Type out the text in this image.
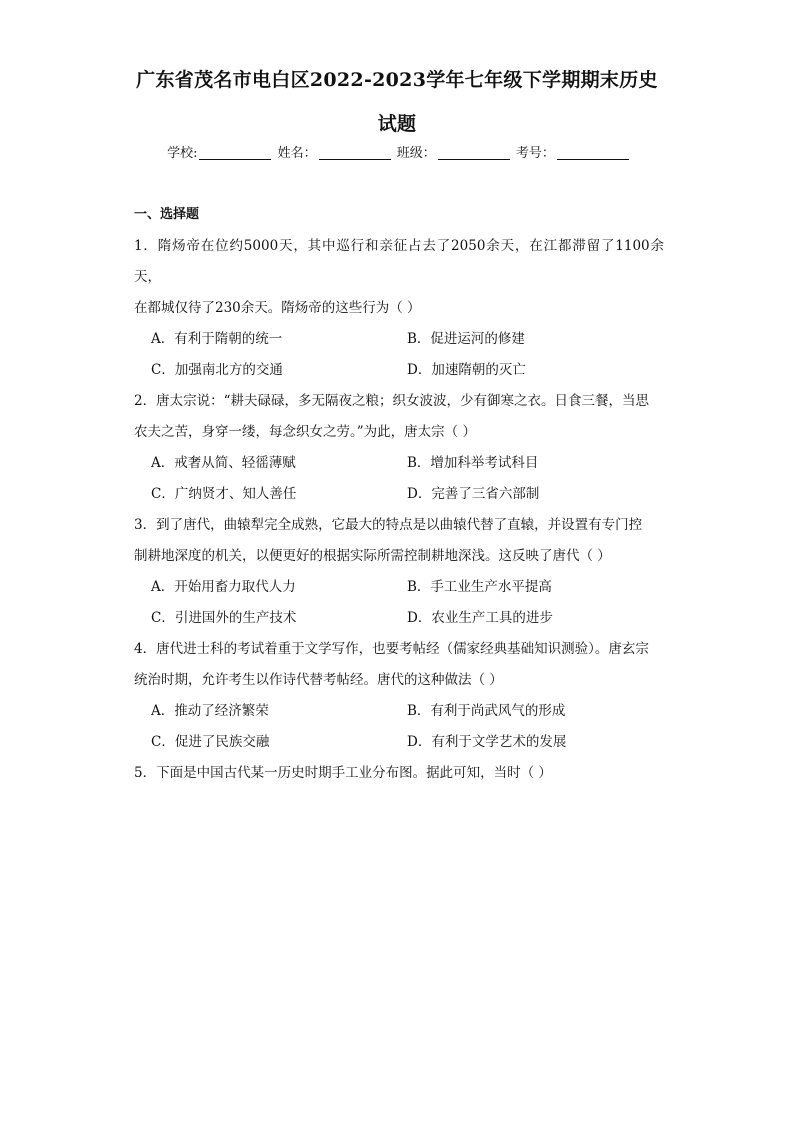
广东省茂名市电白区2022-2023学年七年级下学期期末历史
试题
学校:	姓名：	班级：	考号：
一、选择题
1．隋炀帝在位约5000天，其中巡行和亲征占去了2050余天，在江都滞留了1100余天，
在都城仅待了230余天。隋炀帝的这些行为（ ）
A．有利于隋朝的统一	B．促进运河的修建
C．加强南北方的交通	D．加速隋朝的灭亡
2．唐太宗说：“耕夫碌碌，多无隔夜之粮；织女波波，少有御寒之衣。日食三餐，当思
农夫之苦，身穿一缕，每念织女之劳。”为此，唐太宗（ ）
A．戒奢从简、轻徭薄赋	B．增加科举考试科目
C．广纳贤才、知人善任	D．完善了三省六部制
3．到了唐代，曲辕犁完全成熟，它最大的特点是以曲辕代替了直辕，并设置有专门控
制耕地深度的机关，以便更好的根据实际所需控制耕地深浅。这反映了唐代（ ）
A．开始用畜力取代人力	B．手工业生产水平提高
C．引进国外的生产技术	D．农业生产工具的进步
4．唐代进士科的考试着重于文学写作，也要考帖经（儒家经典基础知识测验）。唐玄宗
统治时期，允许考生以作诗代替考帖经。唐代的这种做法（ ）
A．推动了经济繁荣	B．有利于尚武风气的形成
C．促进了民族交融	D．有利于文学艺术的发展
5．下面是中国古代某一历史时期手工业分布图。据此可知，当时（ ）
